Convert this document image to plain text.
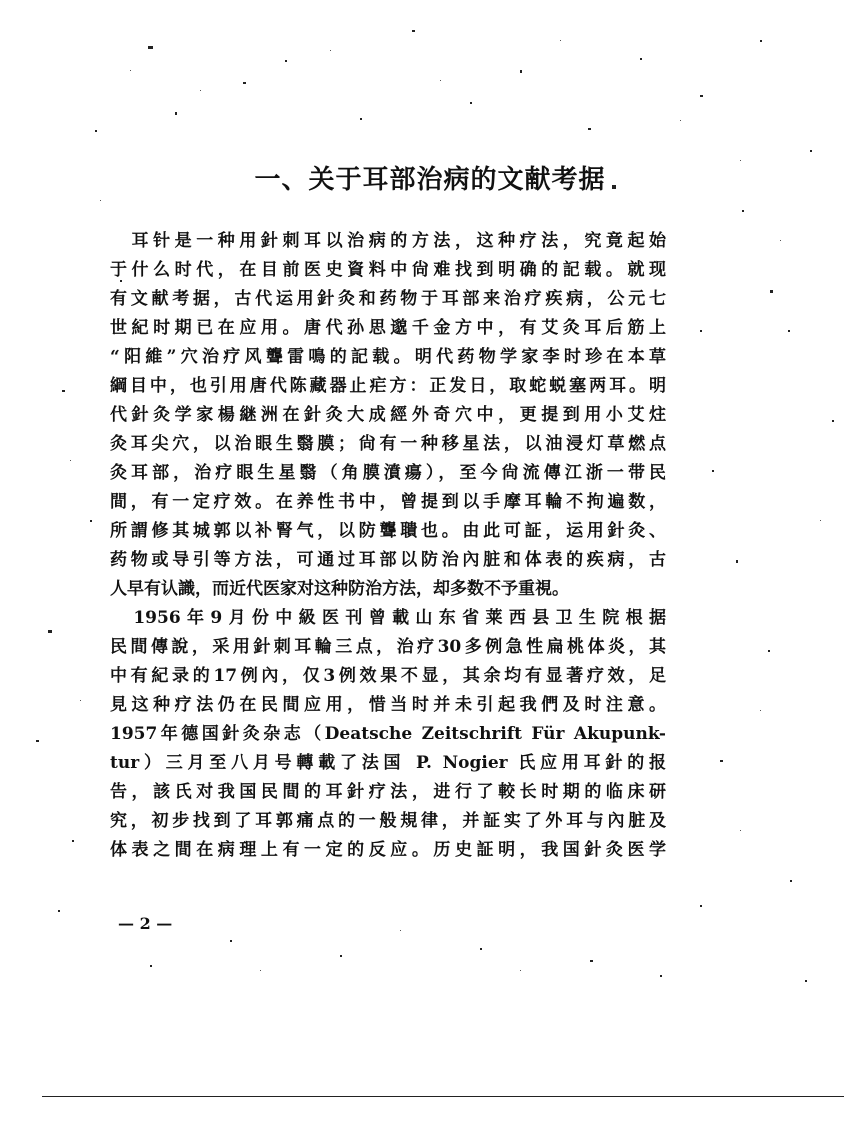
一、关于耳部治病的文献考据
　耳针是一种用針刺耳以治病的方法，这种疗法，究竟起始
于什么时代，在目前医史資料中尙难找到明确的記载。就现
有文献考据，古代运用針灸和药物于耳部来治疗疾病，公元七
世紀时期已在应用。唐代孙思邈千金方中，有艾灸耳后筋上
“阳維”穴治疗风聾雷鳴的記载。明代药物学家李时珍在本草
綱目中，也引用唐代陈藏器止疟方：正发日，取蛇蜕塞两耳。明
代針灸学家楊継洲在針灸大成經外奇穴中，更提到用小艾炷
灸耳尖穴，以治眼生翳膜；尙有一种移星法，以油浸灯草燃点
灸耳部，治疗眼生星翳（角膜濆瘍），至今尙流傳江浙一带民
間，有一定疗效。在养性书中，曾提到以手摩耳輪不拘遍数，
所謂修其城郭以补腎气，以防聾聵也。由此可証，运用針灸、
药物或导引等方法，可通过耳部以防治內脏和体表的疾病，古
人早有认識，而近代医家对这种防治方法，却多数不予重視。
　1956年9月份中級医刊曾載山东省莱西县卫生院根据
民間傳說，采用針刺耳輪三点，治疗30多例急性扁桃体炎，其
中有紀录的17例內，仅3例效果不显，其余均有显著疗效，足
見这种疗法仍在民間应用，惜当时并未引起我們及时注意。
1957年德国針灸杂志（Deatsche Zeitschrift Für Akupunk-
tur）三月至八月号轉載了法国 P. Nogier 氏应用耳針的报
告，該氏对我国民間的耳針疗法，进行了較长时期的临床研
究，初步找到了耳郭痛点的一般規律，并証实了外耳与內脏及
体表之間在病理上有一定的反应。历史証明，我国針灸医学
— 2 —
